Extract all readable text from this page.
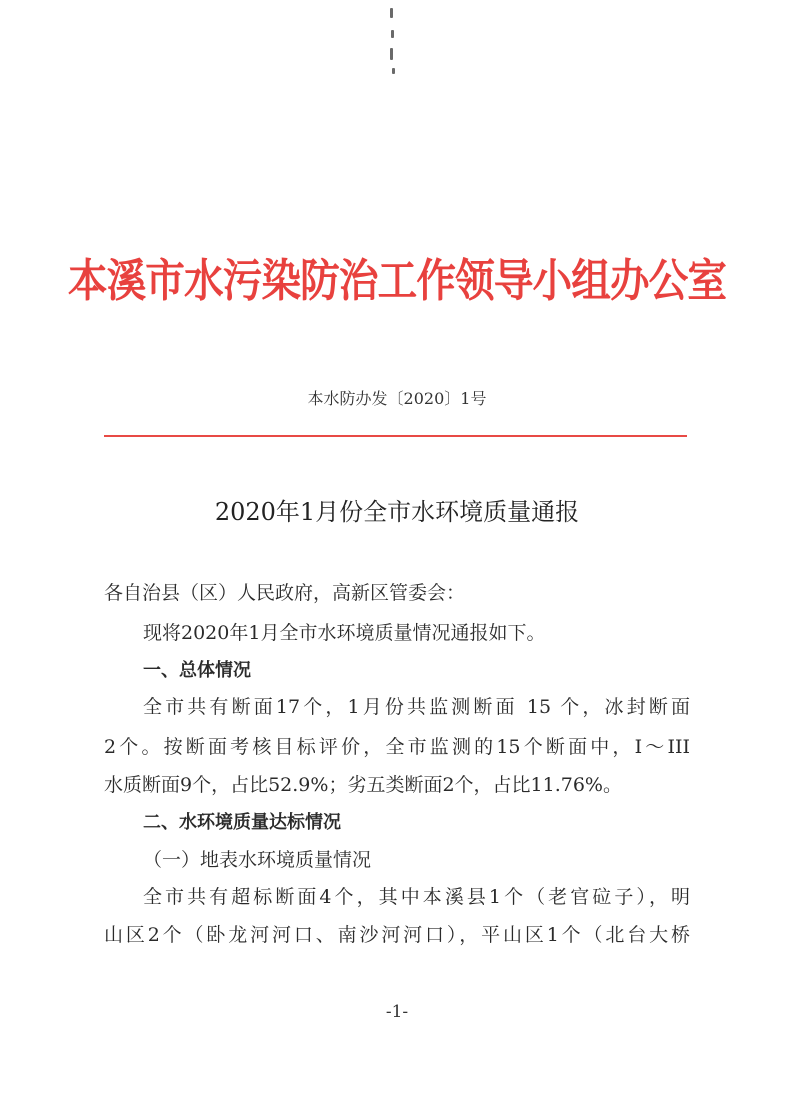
本溪市水污染防治工作领导小组办公室
本水防办发〔2020〕1号
2020年1月份全市水环境质量通报
各自治县（区）人民政府，高新区管委会：
现将2020年1月全市水环境质量情况通报如下。
一、总体情况
全市共有断面17个，1月份共监测断面 15 个，冰封断面
2个。按断面考核目标评价，全市监测的15个断面中，I～III
水质断面9个，占比52.9%；劣五类断面2个，占比11.76%。
二、水环境质量达标情况
（一）地表水环境质量情况
全市共有超标断面4个，其中本溪县1个（老官砬子），明
山区2个（卧龙河河口、南沙河河口），平山区1个（北台大桥
-1-
